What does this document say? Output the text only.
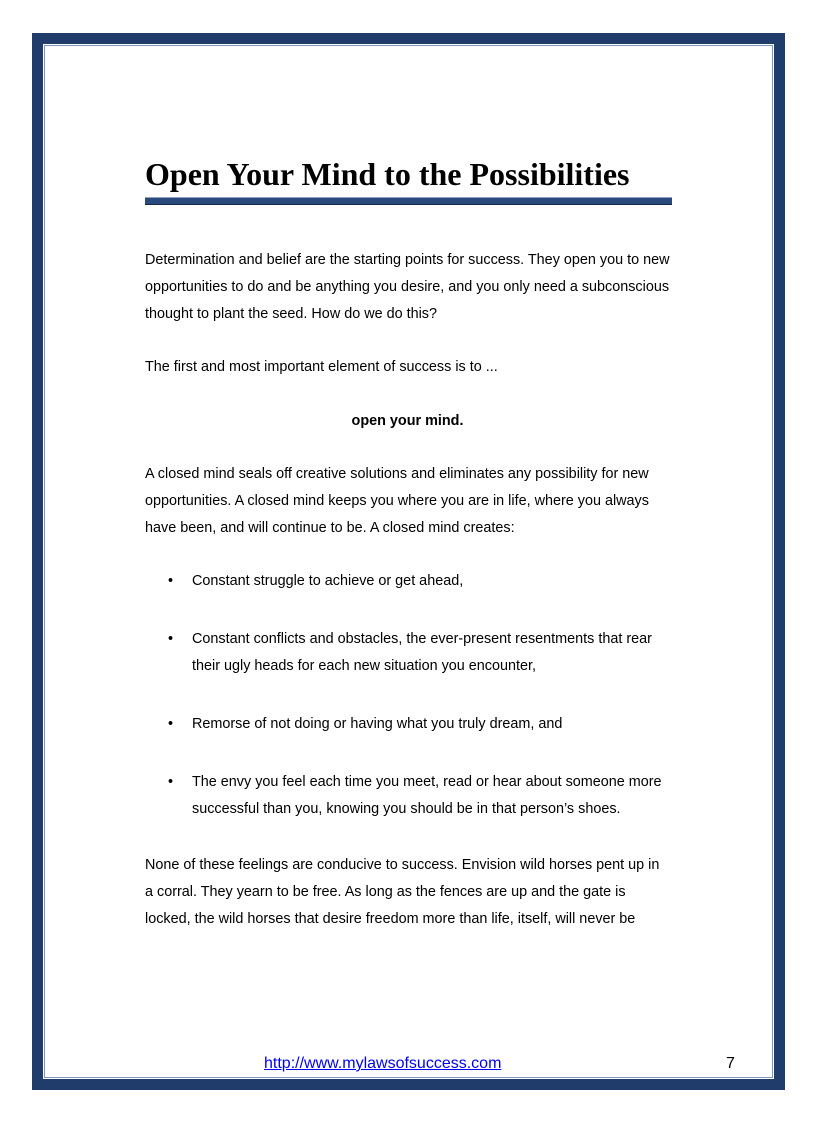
Open Your Mind to the Possibilities

Determination and belief are the starting points for success. They open you to new opportunities to do and be anything you desire, and you only need a subconscious thought to plant the seed. How do we do this?

The first and most important element of success is to ...

open your mind.

A closed mind seals off creative solutions and eliminates any possibility for new opportunities. A closed mind keeps you where you are in life, where you always have been, and will continue to be. A closed mind creates:

• Constant struggle to achieve or get ahead,
• Constant conflicts and obstacles, the ever-present resentments that rear their ugly heads for each new situation you encounter,
• Remorse of not doing or having what you truly dream, and
• The envy you feel each time you meet, read or hear about someone more successful than you, knowing you should be in that person’s shoes.

None of these feelings are conducive to success. Envision wild horses pent up in a corral. They yearn to be free. As long as the fences are up and the gate is locked, the wild horses that desire freedom more than life, itself, will never be

http://www.mylawsofsuccess.com	7
